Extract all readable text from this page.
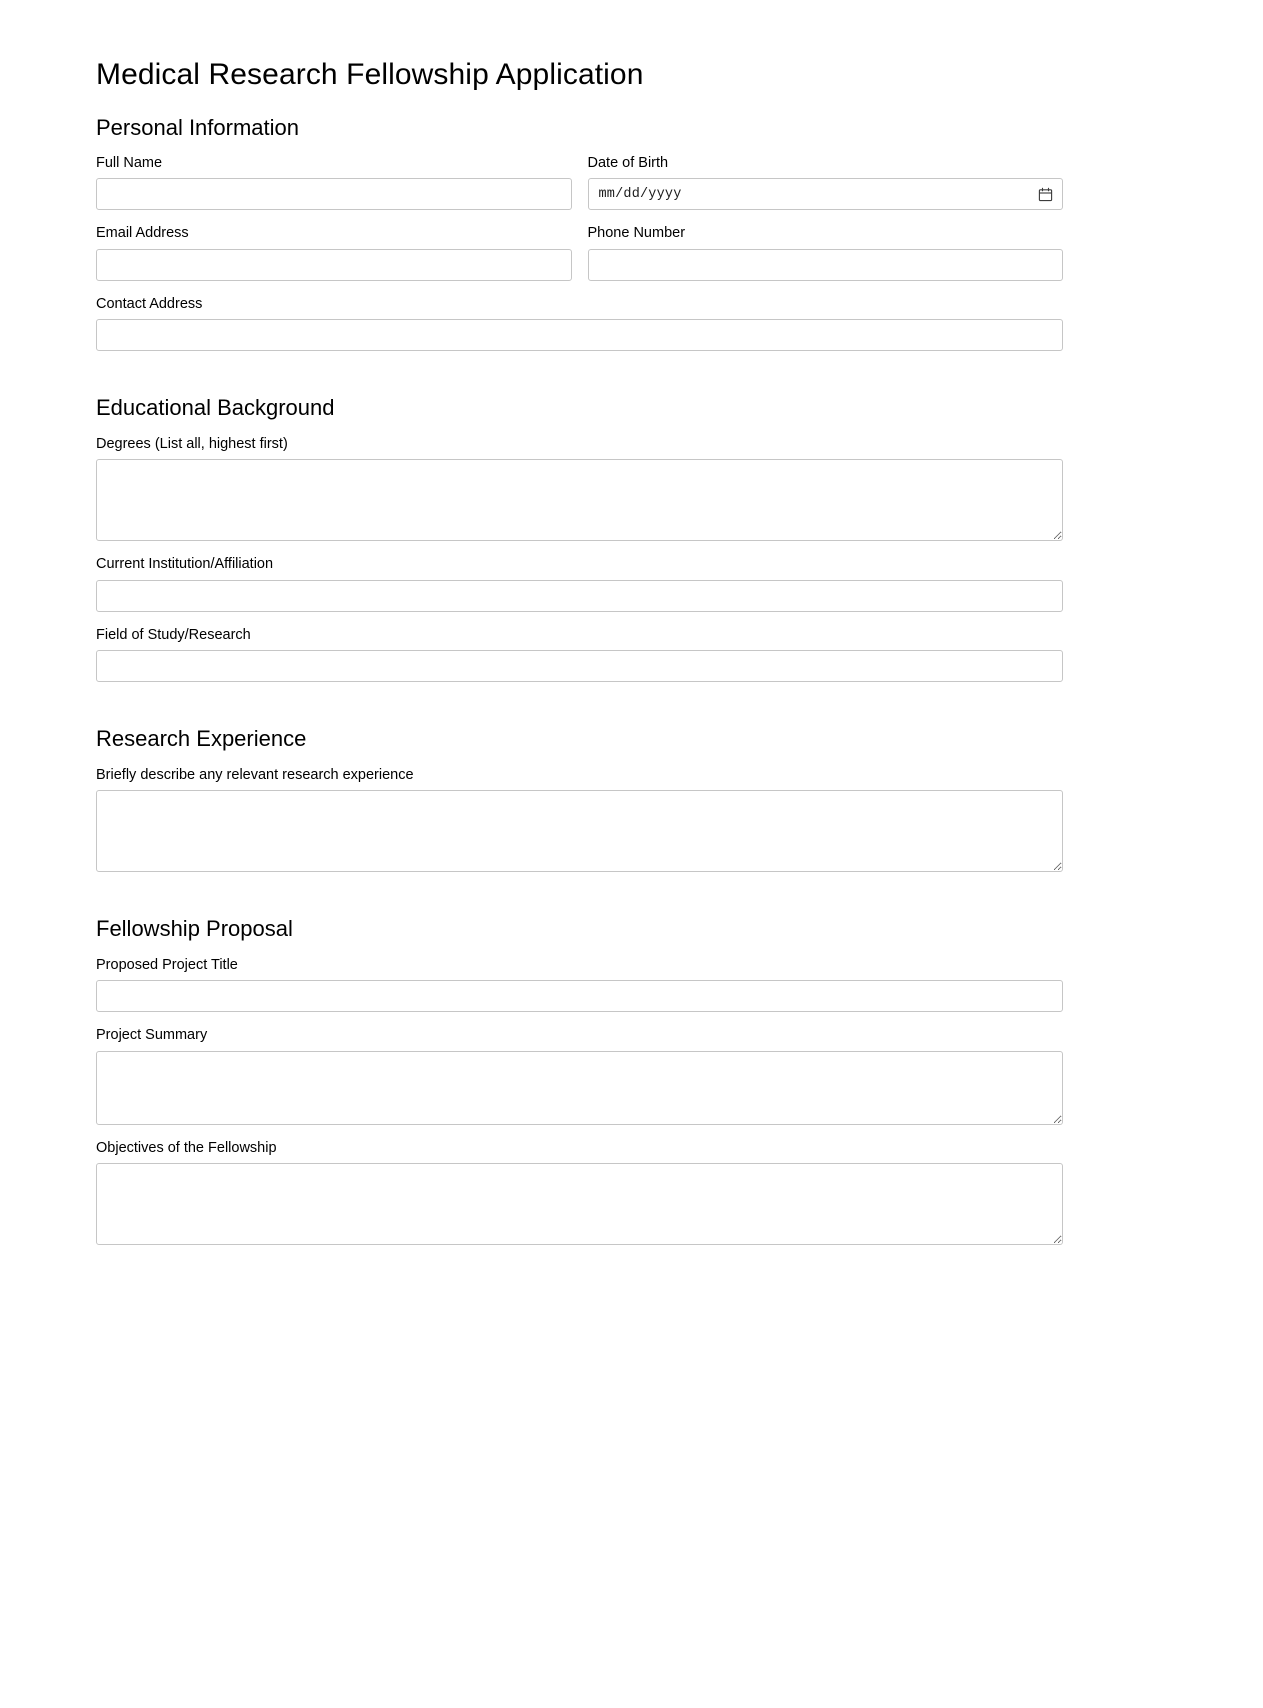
Medical Research Fellowship Application
Personal Information
Full Name	Date of Birth
mm/dd/yyyy
Email Address	Phone Number
Contact Address
Educational Background
Degrees (List all, highest first)
Current Institution/Affiliation
Field of Study/Research
Research Experience
Briefly describe any relevant research experience
Fellowship Proposal
Proposed Project Title
Project Summary
Objectives of the Fellowship
